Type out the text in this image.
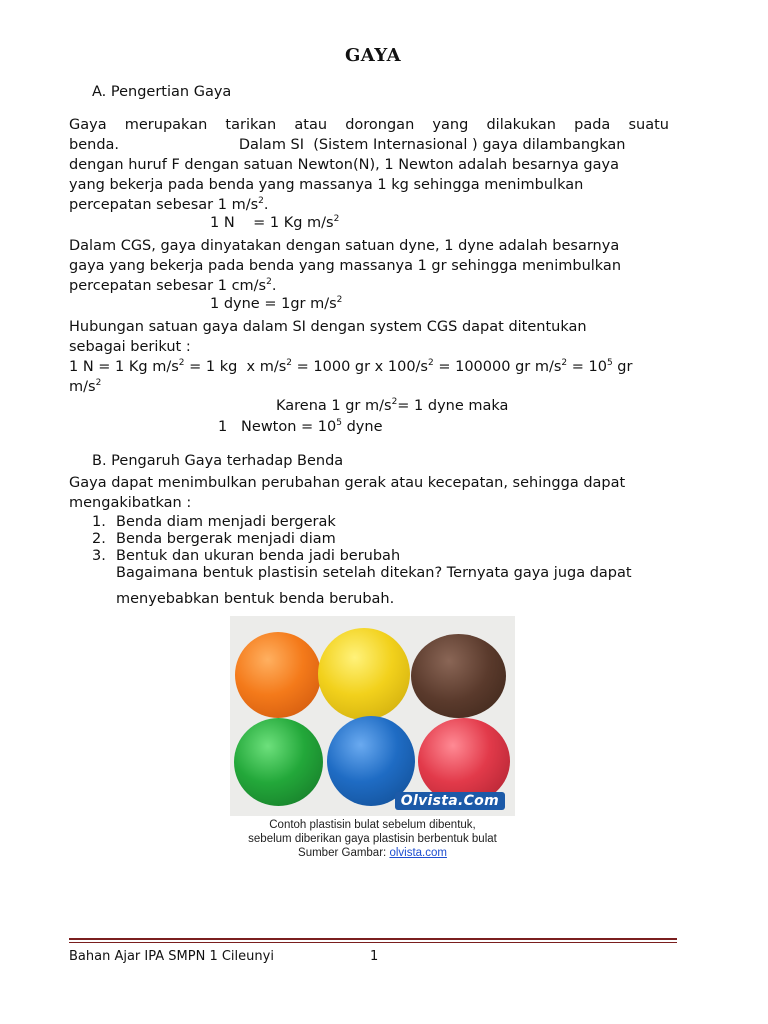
GAYA
A. Pengertian Gaya
Gaya merupakan tarikan atau dorongan yang dilakukan pada suatu
benda.                          Dalam SI  (Sistem Internasional ) gaya dilambangkan
dengan huruf F dengan satuan Newton(N), 1 Newton adalah besarnya gaya
yang bekerja pada benda yang massanya 1 kg sehingga menimbulkan
percepatan sebesar 1 $m/s^2$.
1 N    = 1 Kg $m/s^2$
Dalam CGS, gaya dinyatakan dengan satuan dyne, 1 dyne adalah besarnya
gaya yang bekerja pada benda yang massanya 1 gr sehingga menimbulkan
percepatan sebesar 1 $cm/s^2$.
1 dyne = 1gr $m/s^2$
Hubungan satuan gaya dalam SI dengan system CGS dapat ditentukan
sebagai berikut :
1 N = 1 Kg $m/s^2 = 1$ kg  x $m/s^2 = 1000$ gr x $100/s^2 = 100000$ gr $m/s^2 = 10^5$ gr
$m/s^2$
Karena 1 gr $m/s^2= 1$ dyne maka
1   Newton = $10^5$ dyne
B. Pengaruh Gaya terhadap Benda
Gaya dapat menimbulkan perubahan gerak atau kecepatan, sehingga dapat
mengakibatkan :
1. Benda diam menjadi bergerak
2. Benda bergerak menjadi diam
3. Bentuk dan ukuran benda jadi berubah
Bagaimana bentuk plastisin setelah ditekan? Ternyata gaya juga dapat
menyebabkan bentuk benda berubah.
Olvista.Com
Contoh plastisin bulat sebelum dibentuk,
sebelum diberikan gaya plastisin berbentuk bulat
Sumber Gambar: olvista.com
Bahan Ajar IPA SMPN 1 Cileunyi	1
